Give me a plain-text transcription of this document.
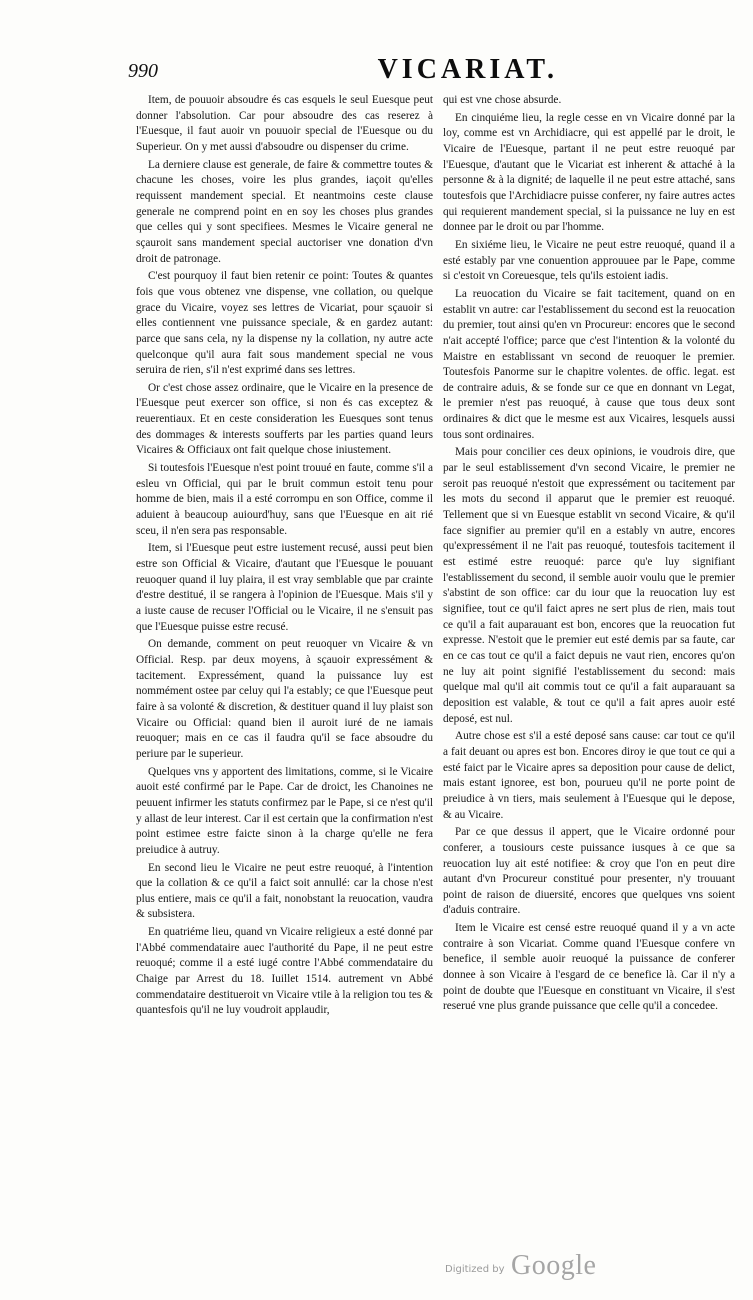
990	VICARIAT.

Item, de pouuoir absoudre és cas esquels le seul Euesque peut donner l'absolution. Car pour absoudre des cas reserez à l'Euesque, il faut auoir vn pouuoir special de l'Euesque ou du Superieur. On y met aussi d'absoudre ou dispenser du crime.

La derniere clause est generale, de faire & commettre toutes & chacune les choses, voire les plus grandes, iaçoit qu'elles requissent mandement special. Et neantmoins ceste clause generale ne comprend point en en soy les choses plus grandes que celles qui y sont specifiees. Mesmes le Vicaire general ne sçauroit sans mandement special auctoriser vne donation d'vn droit de patronage.

C'est pourquoy il faut bien retenir ce point: Toutes & quantes fois que vous obtenez vne dispense, vne collation, ou quelque grace du Vicaire, voyez ses lettres de Vicariat, pour sçauoir si elles contiennent vne puissance speciale, & en gardez autant: parce que sans cela, ny la dispense ny la collation, ny autre acte quelconque qu'il aura fait sous mandement special ne vous seruira de rien, s'il n'est exprimé dans ses lettres.

Or c'est chose assez ordinaire, que le Vicaire en la presence de l'Euesque peut exercer son office, si non és cas exceptez & reuerentiaux. Et en ceste consideration les Euesques sont tenus des dommages & interests soufferts par les parties quand leurs Vicaires & Officiaux ont fait quelque chose iniustement.

Si toutesfois l'Euesque n'est point trouué en faute, comme s'il a esleu vn Official, qui par le bruit commun estoit tenu pour homme de bien, mais il a esté corrompu en son Office, comme il aduient à beaucoup auiourd'huy, sans que l'Euesque en ait rié sceu, il n'en sera pas responsable.

Item, si l'Euesque peut estre iustement recusé, aussi peut bien estre son Official & Vicaire, d'autant que l'Euesque le pouuant reuoquer quand il luy plaira, il est vray semblable que par crainte d'estre destitué, il se rangera à l'opinion de l'Euesque. Mais s'il y a iuste cause de recuser l'Official ou le Vicaire, il ne s'ensuit pas que l'Euesque puisse estre recusé.

On demande, comment on peut reuoquer vn Vicaire & vn Official. Resp. par deux moyens, à sçauoir expressément & tacitement. Expressément, quand la puissance luy est nommément ostee par celuy qui l'a estably; ce que l'Euesque peut faire à sa volonté & discretion, & destituer quand il luy plaist son Vicaire ou Official: quand bien il auroit iuré de ne iamais reuoquer; mais en ce cas il faudra qu'il se face absoudre du periure par le superieur.

Quelques vns y apportent des limitations, comme, si le Vicaire auoit esté confirmé par le Pape. Car de droict, les Chanoines ne peuuent infirmer les statuts confirmez par le Pape, si ce n'est qu'il y allast de leur interest. Car il est certain que la confirmation n'est point estimee estre faicte sinon à la charge qu'elle ne fera preiudice à autruy.

En second lieu le Vicaire ne peut estre reuoqué, à l'intention que la collation & ce qu'il a faict soit annullé: car la chose n'est plus entiere, mais ce qu'il a fait, nonobstant la reuocation, vaudra & subsistera.

En quatriéme lieu, quand vn Vicaire religieux a esté donné par l'Abbé commendataire auec l'authorité du Pape, il ne peut estre reuoqué; comme il a esté iugé contre l'Abbé commendataire du Chaige par Arrest du 18. Iuillet 1514. autrement vn Abbé commendataire destitueroit vn Vicaire vtile à la religion tou tes & quantesfois qu'il ne luy voudroit applaudir,

qui est vne chose absurde.

En cinquiéme lieu, la regle cesse en vn Vicaire donné par la loy, comme est vn Archidiacre, qui est appellé par le droit, le Vicaire de l'Euesque, partant il ne peut estre reuoqué par l'Euesque, d'autant que le Vicariat est inherent & attaché à la personne & à la dignité; de laquelle il ne peut estre attaché, sans toutesfois que l'Archidiacre puisse conferer, ny faire autres actes qui requierent mandement special, si la puissance ne luy en est donnee par le droit ou par l'homme.

En sixiéme lieu, le Vicaire ne peut estre reuoqué, quand il a esté estably par vne conuention approuuee par le Pape, comme si c'estoit vn Coreuesque, tels qu'ils estoient iadis.

La reuocation du Vicaire se fait tacitement, quand on en establit vn autre: car l'establissement du second est la reuocation du premier, tout ainsi qu'en vn Procureur: encores que le second n'ait accepté l'office; parce que c'est l'intention & la volonté du Maistre en establissant vn second de reuoquer le premier. Toutesfois Panorme sur le chapitre volentes. de offic. legat. est de contraire aduis, & se fonde sur ce que en donnant vn Legat, le premier n'est pas reuoqué, à cause que tous deux sont ordinaires & dict que le mesme est aux Vicaires, lesquels aussi tous sont ordinaires.

Mais pour concilier ces deux opinions, ie voudrois dire, que par le seul establissement d'vn second Vicaire, le premier ne seroit pas reuoqué n'estoit que expressément ou tacitement par les mots du second il apparut que le premier est reuoqué. Tellement que si vn Euesque establit vn second Vicaire, & qu'il face signifier au premier qu'il en a estably vn autre, encores qu'expressément il ne l'ait pas reuoqué, toutesfois tacitement il est estimé estre reuoqué: parce qu'e luy signifiant l'establissement du second, il semble auoir voulu que le premier s'abstint de son office: car du iour que la reuocation luy est signifiee, tout ce qu'il faict apres ne sert plus de rien, mais tout ce qu'il a fait auparauant est bon, encores que la reuocation fut expresse. N'estoit que le premier eut esté demis par sa faute, car en ce cas tout ce qu'il a faict depuis ne vaut rien, encores qu'on ne luy ait point signifié l'establissement du second: mais quelque mal qu'il ait commis tout ce qu'il a fait auparauant sa deposition est valable, & tout ce qu'il a fait apres auoir esté deposé, est nul.

Autre chose est s'il a esté deposé sans cause: car tout ce qu'il a fait deuant ou apres est bon. Encores diroy ie que tout ce qui a esté faict par le Vicaire apres sa deposition pour cause de delict, mais estant ignoree, est bon, pourueu qu'il ne porte point de preiudice à vn tiers, mais seulement à l'Euesque qui le depose, & au Vicaire.

Par ce que dessus il appert, que le Vicaire ordonné pour conferer, a tousiours ceste puissance iusques à ce que sa reuocation luy ait esté notifiee: & croy que l'on en peut dire autant d'vn Procureur constitué pour presenter, n'y trouuant point de raison de diuersité, encores que quelques vns soient d'aduis contraire.

Item le Vicaire est censé estre reuoqué quand il y a vn acte contraire à son Vicariat. Comme quand l'Euesque confere vn benefice, il semble auoir reuoqué la puissance de conferer donnee à son Vicaire à l'esgard de ce benefice là. Car il n'y a point de doubte que l'Euesque en constituant vn Vicaire, il s'est reserué vne plus grande puissance que celle qu'il a concedee.

Digitized by Google
